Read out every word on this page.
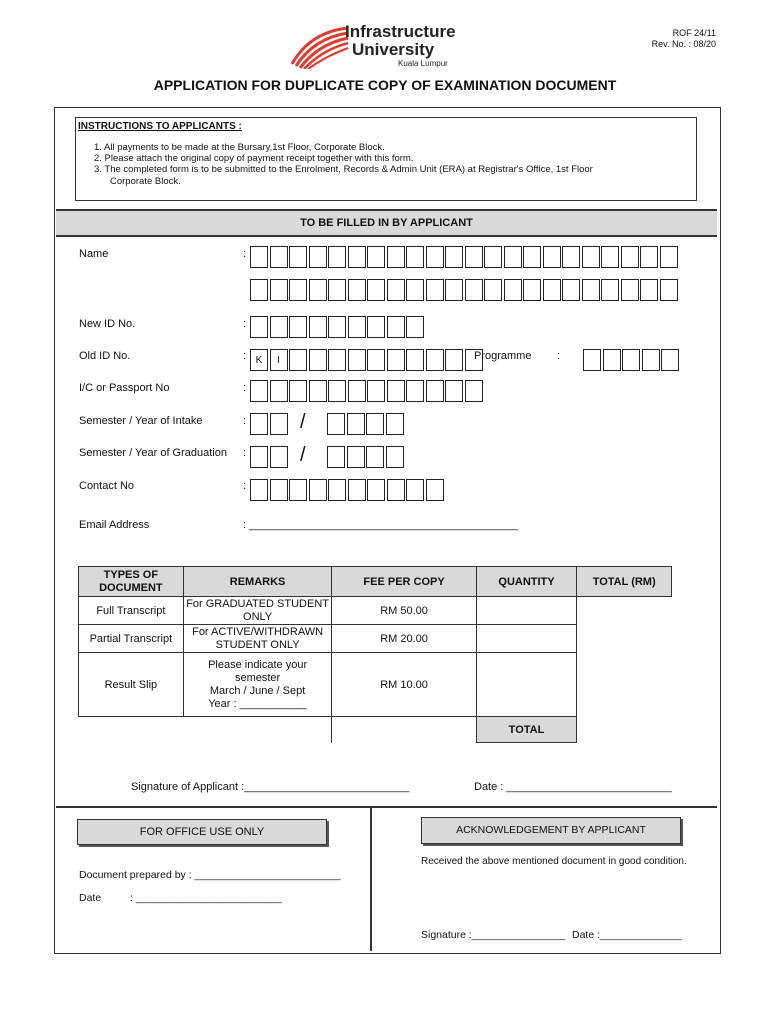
Infrastructure
University
Kuala Lumpur
ROF 24/11
Rev. No. : 08/20
APPLICATION FOR DUPLICATE COPY OF EXAMINATION DOCUMENT
INSTRUCTIONS TO APPLICANTS :
1. All payments to be made at the Bursary,1st Floor, Corporate Block.
2. Please attach the original copy of payment receipt together with this form.
3. The completed form is to be submitted to the Enrolment, Records & Admin Unit (ERA) at Registrar's Office, 1st Floor
Corporate Block.
TO BE FILLED IN BY APPLICANT
Name	:
New ID No.	:
Old ID No.	: K	I	Programme :
I/C or Passport No	:
Semester / Year of Intake	:	/
Semester / Year of Graduation :	/
Contact No	:
Email Address	: ____________________________________________
TYPES OF DOCUMENT	REMARKS	FEE PER COPY	QUANTITY	TOTAL (RM)
Full Transcript	For GRADUATED STUDENT ONLY	RM 50.00		
Partial Transcript	For ACTIVE/WITHDRAWN STUDENT ONLY	RM 20.00		
Result Slip	Please indicate your
semester
March / June / Sept
Year : ___________	RM 10.00		
			TOTAL	
Signature of Applicant :___________________________	Date : ___________________________
FOR OFFICE USE ONLY
Document prepared by : _________________________
Date	: _________________________
ACKNOWLEDGEMENT BY APPLICANT
Received the above mentioned document in good condition.
Signature :________________ Date :______________
